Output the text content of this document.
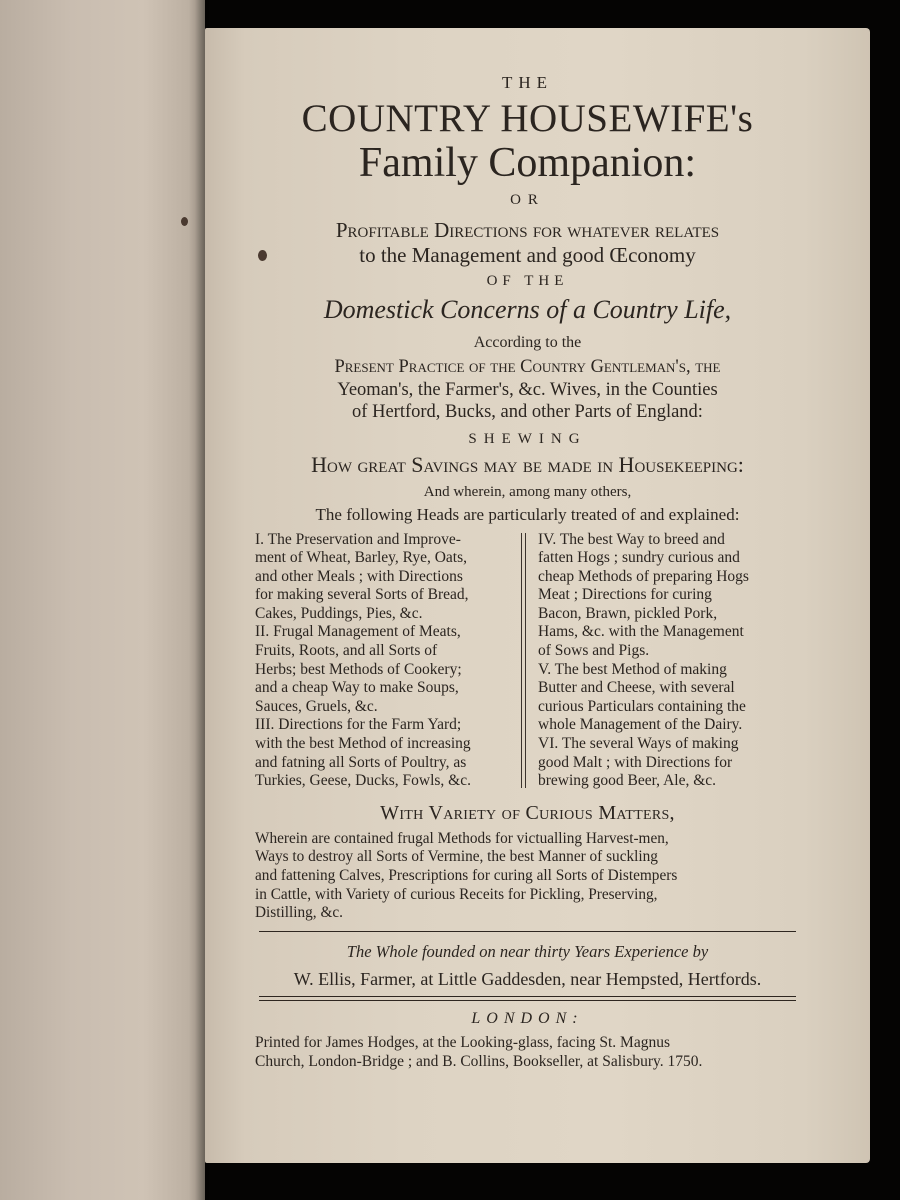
THE
COUNTRY HOUSEWIFE's
Family Companion:
OR
Profitable Directions for whatever relates
to the Management and good Œconomy
OF THE
Domestick Concerns of a Country Life,
According to the
Present Practice of the Country Gentleman's, the
Yeoman's, the Farmer's, &c. Wives, in the Counties
of Hertford, Bucks, and other Parts of England:
SHEWING
How great Savings may be made in Housekeeping:
And wherein, among many others,
The following Heads are particularly treated of and explained:
I. The Preservation and Improve-
ment of Wheat, Barley, Rye, Oats,
and other Meals ; with Directions
for making several Sorts of Bread,
Cakes, Puddings, Pies, &c.
II. Frugal Management of Meats,
Fruits, Roots, and all Sorts of
Herbs; best Methods of Cookery;
and a cheap Way to make Soups,
Sauces, Gruels, &c.
III. Directions for the Farm Yard;
with the best Method of increasing
and fatning all Sorts of Poultry, as
Turkies, Geese, Ducks, Fowls, &c.
IV. The best Way to breed and
fatten Hogs ; sundry curious and
cheap Methods of preparing Hogs
Meat ; Directions for curing
Bacon, Brawn, pickled Pork,
Hams, &c. with the Management
of Sows and Pigs.
V. The best Method of making
Butter and Cheese, with several
curious Particulars containing the
whole Management of the Dairy.
VI. The several Ways of making
good Malt ; with Directions for
brewing good Beer, Ale, &c.
With Variety of Curious Matters,
Wherein are contained frugal Methods for victualling Harvest-men,
Ways to destroy all Sorts of Vermine, the best Manner of suckling
and fattening Calves, Prescriptions for curing all Sorts of Distempers
in Cattle, with Variety of curious Receits for Pickling, Preserving,
Distilling, &c.
The Whole founded on near thirty Years Experience by
W. Ellis, Farmer, at Little Gaddesden, near Hempsted, Hertfords.
LONDON:
Printed for James Hodges, at the Looking-glass, facing St. Magnus
Church, London-Bridge ; and B. Collins, Bookseller, at Salisbury. 1750.
